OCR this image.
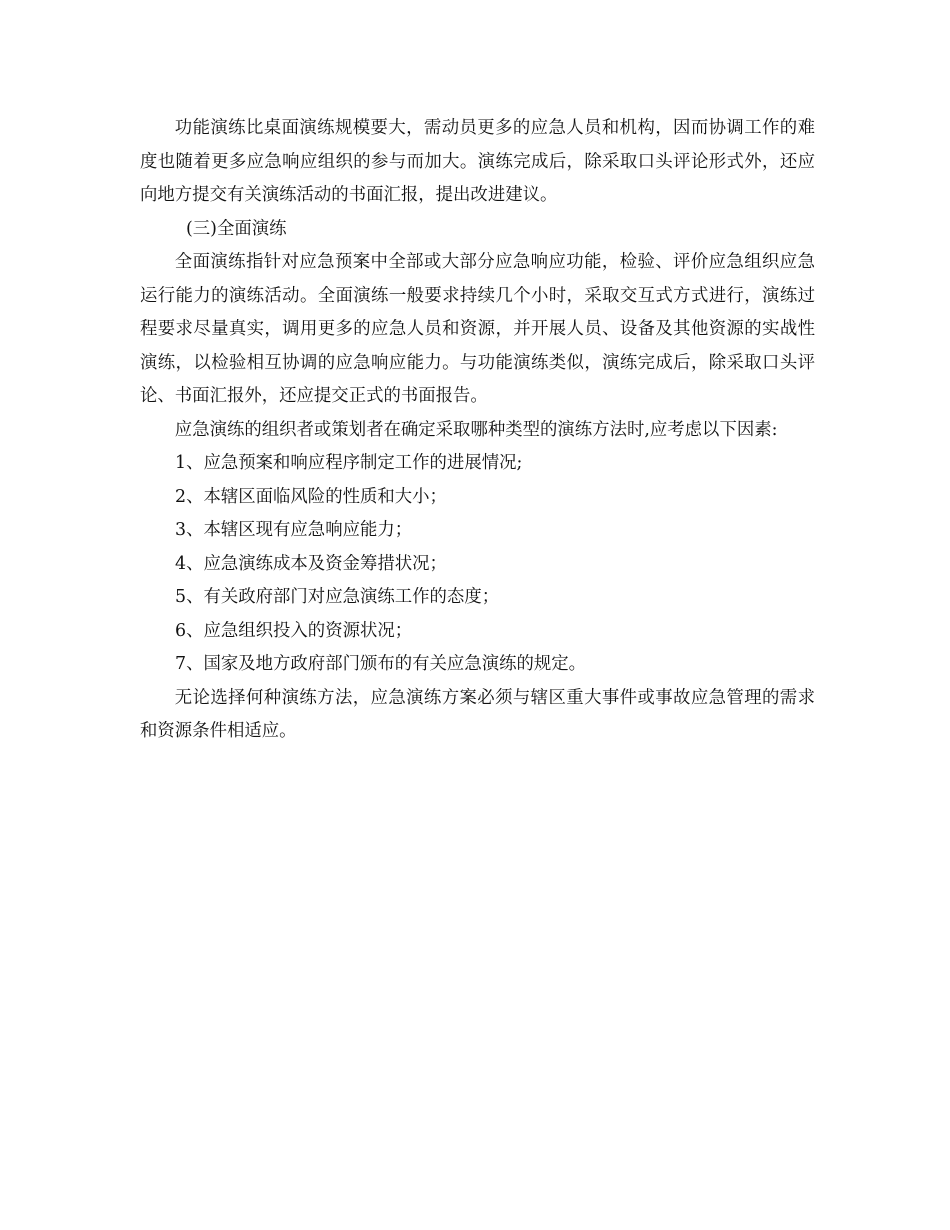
功能演练比桌面演练规模要大，需动员更多的应急人员和机构，因而协调工作的难度也随着更多应急响应组织的参与而加大。演练完成后，除采取口头评论形式外，还应向地方提交有关演练活动的书面汇报，提出改进建议。

(三)全面演练

全面演练指针对应急预案中全部或大部分应急响应功能，检验、评价应急组织应急运行能力的演练活动。全面演练一般要求持续几个小时，采取交互式方式进行，演练过程要求尽量真实，调用更多的应急人员和资源，并开展人员、设备及其他资源的实战性演练，以检验相互协调的应急响应能力。与功能演练类似，演练完成后，除采取口头评论、书面汇报外，还应提交正式的书面报告。

应急演练的组织者或策划者在确定采取哪种类型的演练方法时,应考虑以下因素:

1、应急预案和响应程序制定工作的进展情况;
2、本辖区面临风险的性质和大小；
3、本辖区现有应急响应能力；
4、应急演练成本及资金筹措状况；
5、有关政府部门对应急演练工作的态度；
6、应急组织投入的资源状况；
7、国家及地方政府部门颁布的有关应急演练的规定。

无论选择何种演练方法，应急演练方案必须与辖区重大事件或事故应急管理的需求和资源条件相适应。
